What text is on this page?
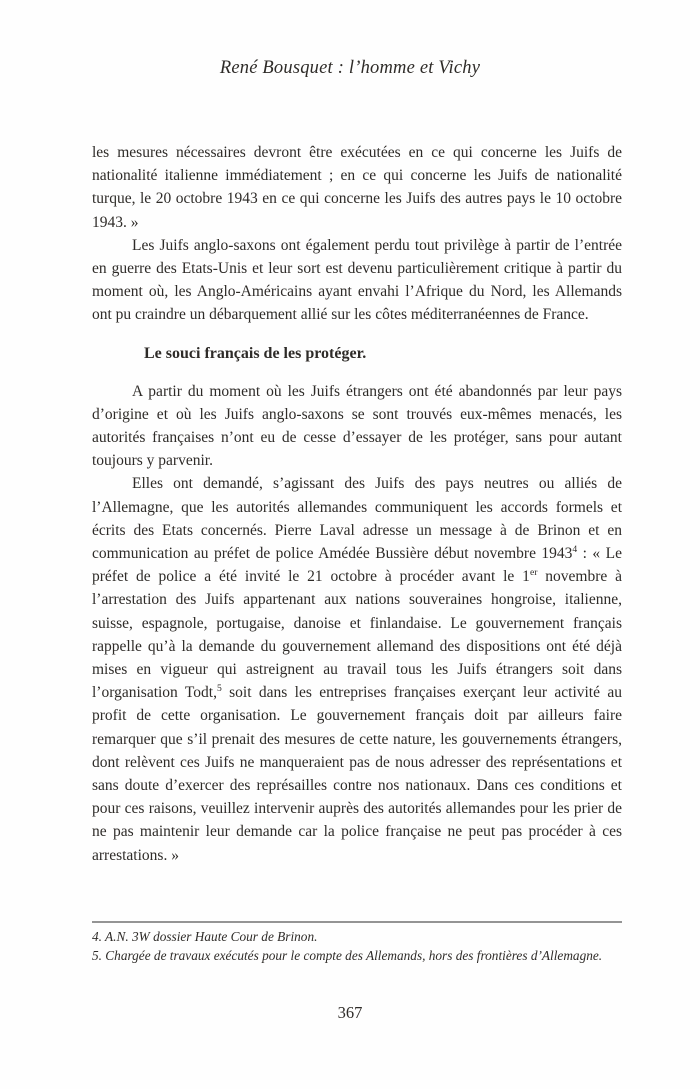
René Bousquet : l’homme et Vichy

les mesures nécessaires devront être exécutées en ce qui concerne les Juifs de nationalité italienne immédiatement ; en ce qui concerne les Juifs de nationalité turque, le 20 octobre 1943 en ce qui concerne les Juifs des autres pays le 10 octobre 1943. »

Les Juifs anglo-saxons ont également perdu tout privilège à partir de l’entrée en guerre des Etats-Unis et leur sort est devenu particulièrement critique à partir du moment où, les Anglo-Américains ayant envahi l’Afrique du Nord, les Allemands ont pu craindre un débarquement allié sur les côtes méditerranéennes de France.

Le souci français de les protéger.

A partir du moment où les Juifs étrangers ont été abandonnés par leur pays d’origine et où les Juifs anglo-saxons se sont trouvés eux-mêmes menacés, les autorités françaises n’ont eu de cesse d’essayer de les protéger, sans pour autant toujours y parvenir.

Elles ont demandé, s’agissant des Juifs des pays neutres ou alliés de l’Allemagne, que les autorités allemandes communiquent les accords formels et écrits des Etats concernés. Pierre Laval adresse un message à de Brinon et en communication au préfet de police Amédée Bussière début novembre 1943$^4$ : « Le préfet de police a été invité le 21 octobre à procéder avant le 1er novembre à l’arrestation des Juifs appartenant aux nations souveraines hongroise, italienne, suisse, espagnole, portugaise, danoise et finlandaise. Le gouvernement français rappelle qu’à la demande du gouvernement allemand des dispositions ont été déjà mises en vigueur qui astreignent au travail tous les Juifs étrangers soit dans l’organisation Todt,$^5$ soit dans les entreprises françaises exerçant leur activité au profit de cette organisation. Le gouvernement français doit par ailleurs faire remarquer que s’il prenait des mesures de cette nature, les gouvernements étrangers, dont relèvent ces Juifs ne manqueraient pas de nous adresser des représentations et sans doute d’exercer des représailles contre nos nationaux. Dans ces conditions et pour ces raisons, veuillez intervenir auprès des autorités allemandes pour les prier de ne pas maintenir leur demande car la police française ne peut pas procéder à ces arrestations. »

4. A.N. 3W dossier Haute Cour de Brinon.

5. Chargée de travaux exécutés pour le compte des Allemands, hors des frontières d’Allemagne.

367
